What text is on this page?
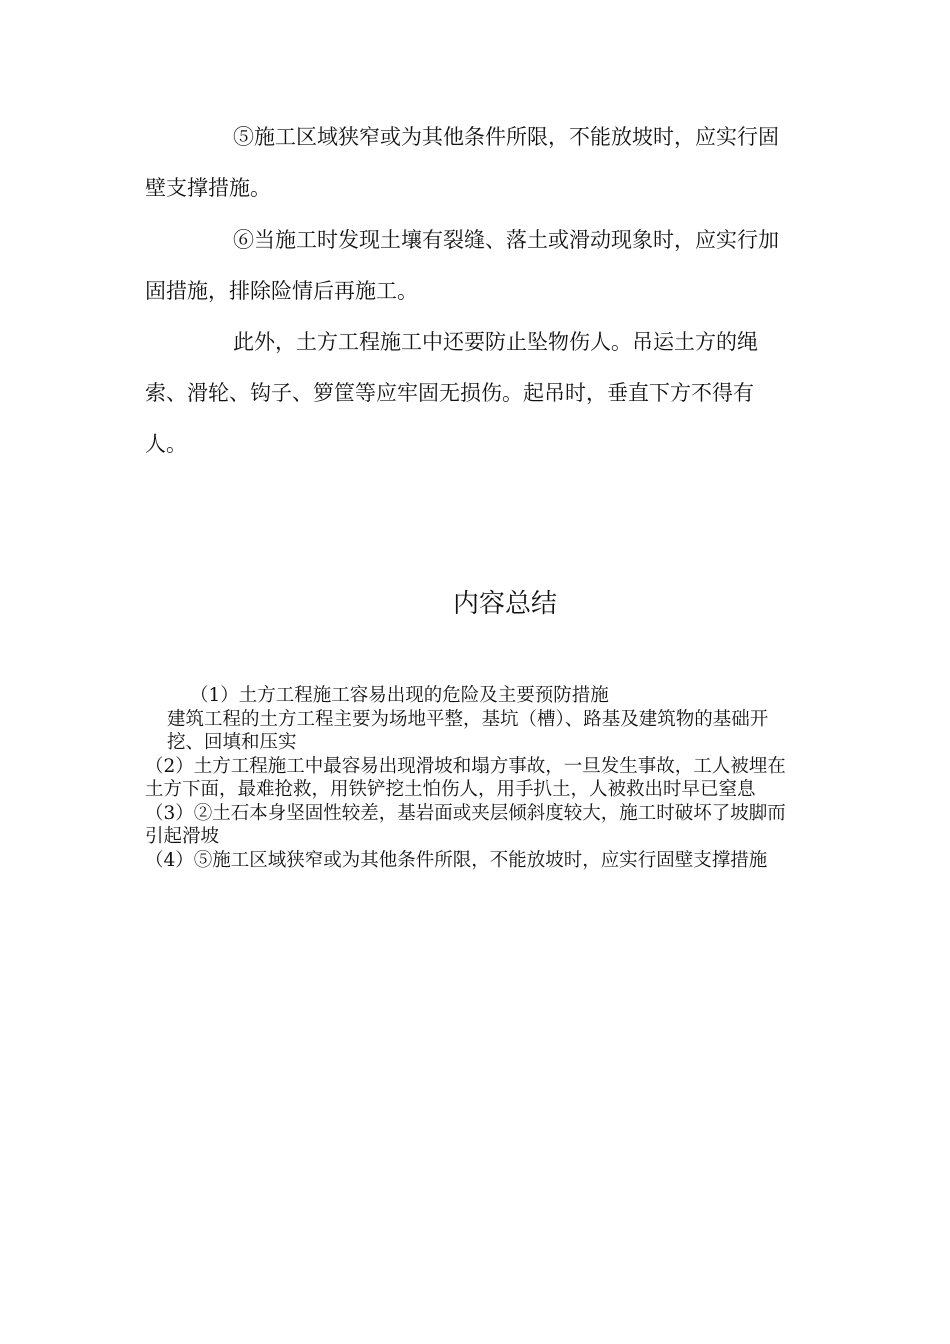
⑤施工区域狭窄或为其他条件所限，不能放坡时，应实行固壁支撑措施。

⑥当施工时发现土壤有裂缝、落土或滑动现象时，应实行加固措施，排除险情后再施工。

此外，土方工程施工中还要防止坠物伤人。吊运土方的绳索、滑轮、钩子、箩筐等应牢固无损伤。起吊时，垂直下方不得有人。

内容总结

（1）土方工程施工容易出现的危险及主要预防措施

建筑工程的土方工程主要为场地平整，基坑（槽）、路基及建筑物的基础开挖、回填和压实

（2）土方工程施工中最容易出现滑坡和塌方事故，一旦发生事故，工人被埋在土方下面，最难抢救，用铁铲挖土怕伤人，用手扒土，人被救出时早已窒息

（3）②土石本身坚固性较差，基岩面或夹层倾斜度较大，施工时破坏了坡脚而引起滑坡

（4）⑤施工区域狭窄或为其他条件所限，不能放坡时，应实行固壁支撑措施
